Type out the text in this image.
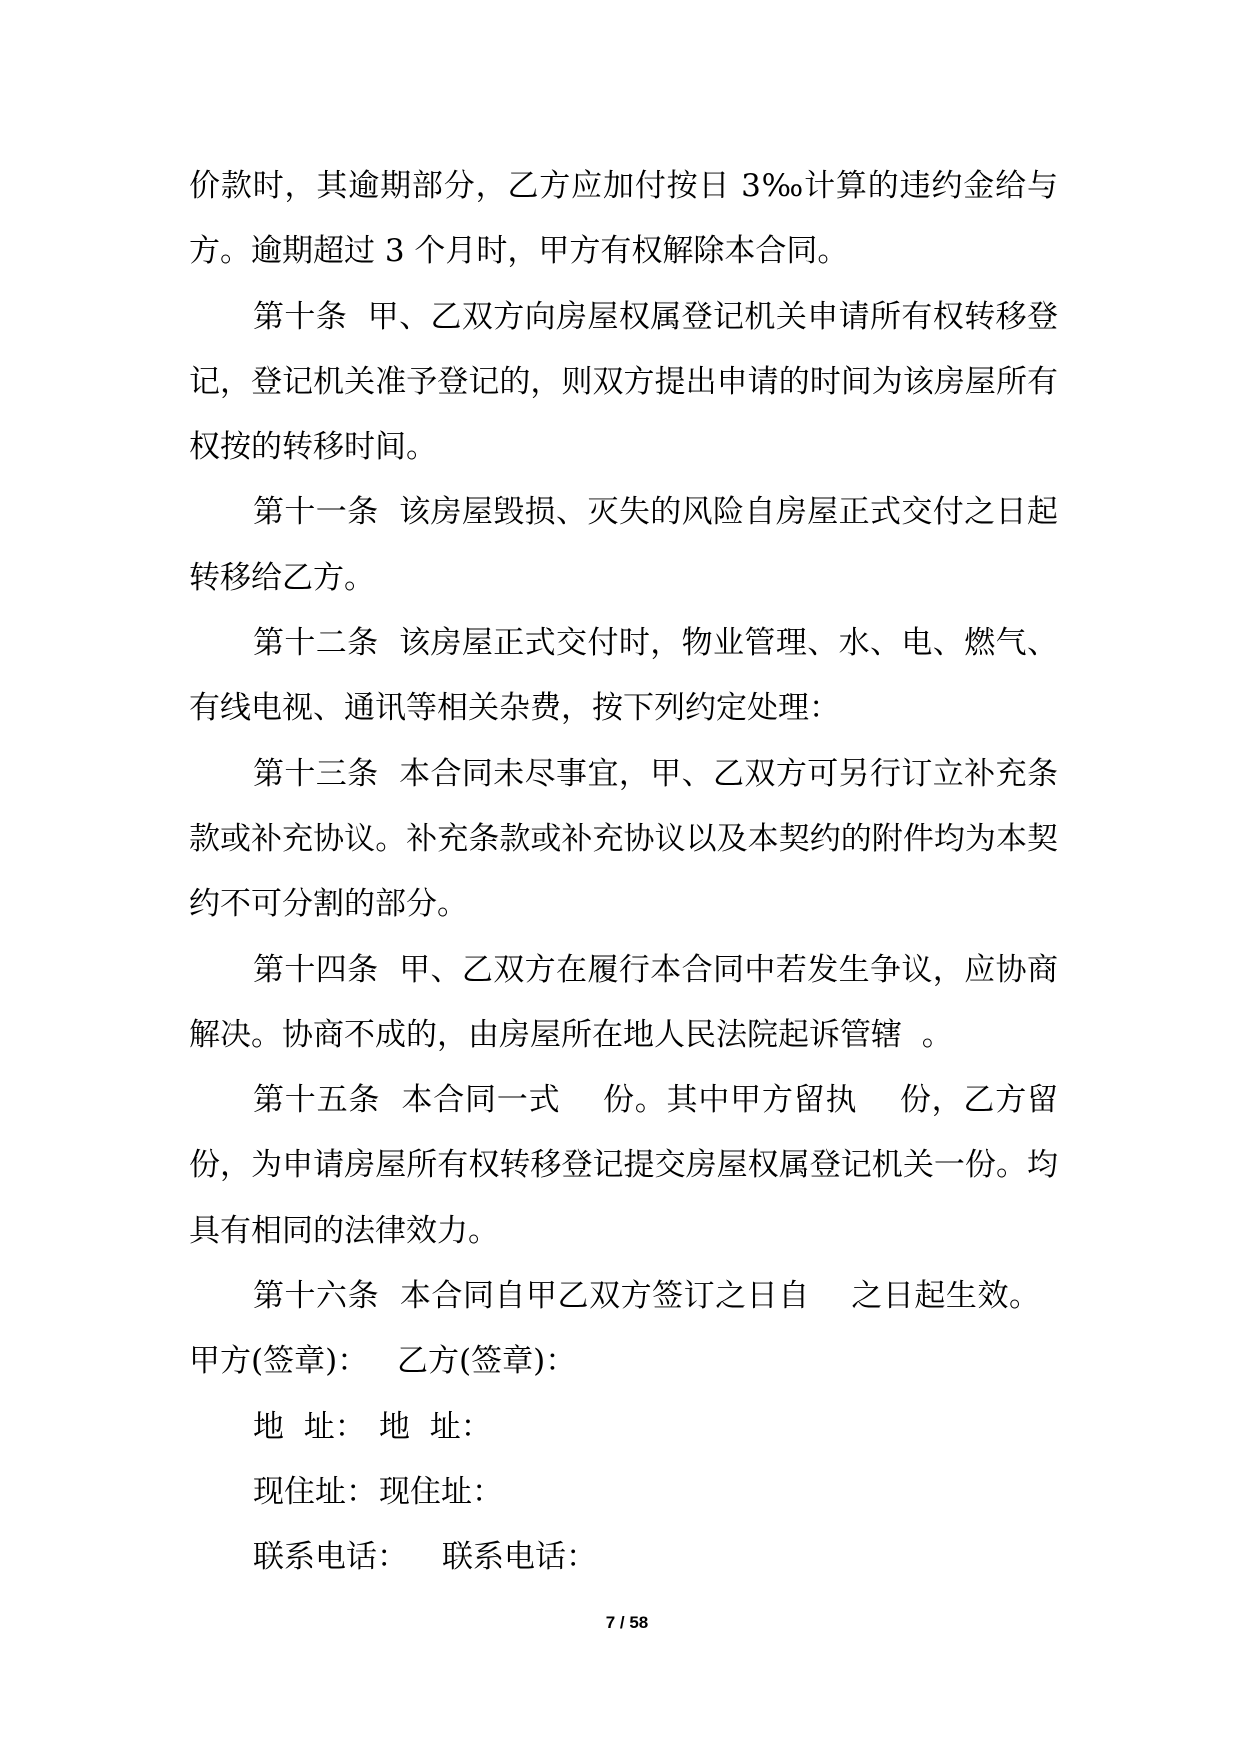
价款时，其逾期部分，乙方应加付按日 3‰计算的违约金给与
方。逾期超过 3 个月时，甲方有权解除本合同。
第十条  甲、乙双方向房屋权属登记机关申请所有权转移登
记，登记机关准予登记的，则双方提出申请的时间为该房屋所有
权按的转移时间。
第十一条  该房屋毁损、灭失的风险自房屋正式交付之日起
转移给乙方。
第十二条  该房屋正式交付时，物业管理、水、电、燃气、
有线电视、通讯等相关杂费，按下列约定处理：
第十三条  本合同未尽事宜，甲、乙双方可另行订立补充条
款或补充协议。补充条款或补充协议以及本契约的附件均为本契
约不可分割的部分。
第十四条  甲、乙双方在履行本合同中若发生争议，应协商
解决。协商不成的，由房屋所在地人民法院起诉管辖  。
第十五条  本合同一式    份。其中甲方留执    份，乙方留
份，为申请房屋所有权转移登记提交房屋权属登记机关一份。均
具有相同的法律效力。
第十六条  本合同自甲乙双方签订之日自    之日起生效。
甲方(签章)： 乙方(签章)：
地  址： 地  址：
现住址： 现住址：
联系电话： 联系电话：
7 / 58
